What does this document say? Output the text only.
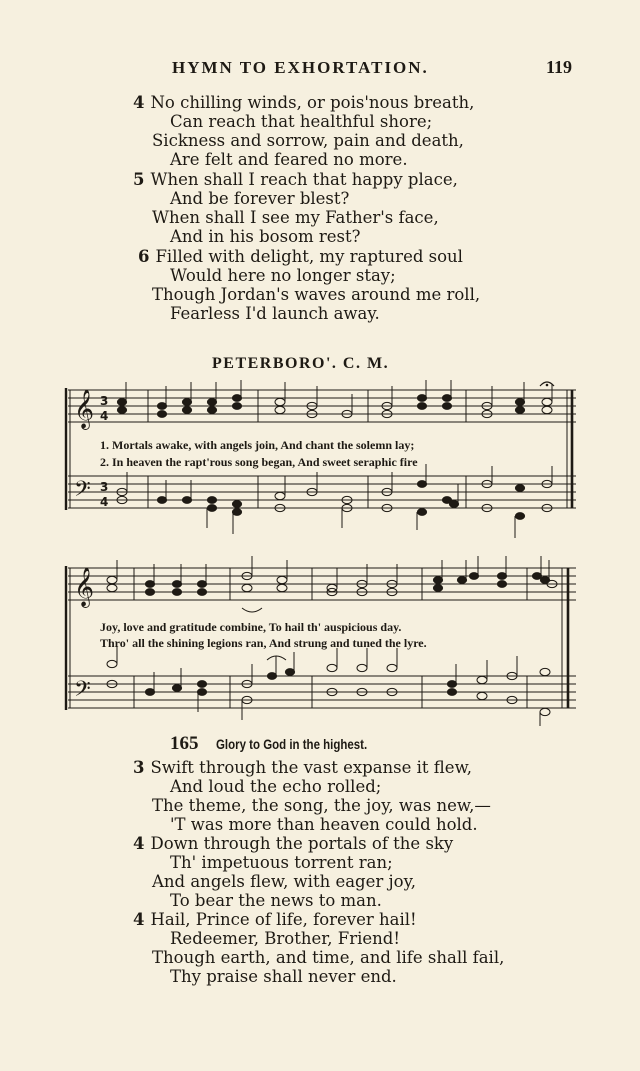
HYMN TO EXHORTATION.	119
4 No chilling winds, or pois'nous breath,
Can reach that healthful shore;
Sickness and sorrow, pain and death,
Are felt and feared no more.
5 When shall I reach that happy place,
And be forever blest?
When shall I see my Father's face,
And in his bosom rest?
6 Filled with delight, my raptured soul
Would here no longer stay;
Though Jordan's waves around me roll,
Fearless I'd launch away.
PETERBORO'. C. M.
𝄞
𝄢
3
4
3
4
1. Mortals awake, with angels join, And chant the solemn lay;
2. In heaven the rapt'rous song began, And sweet seraphic fire
𝄞
𝄢
Joy, love and gratitude combine, To hail th' auspicious day.
Thro' all the shining legions ran, And strung and tuned the lyre.
165 Glory to God in the highest.
3 Swift through the vast expanse it flew,
And loud the echo rolled;
The theme, the song, the joy, was new,—
'T was more than heaven could hold.
4 Down through the portals of the sky
Th' impetuous torrent ran;
And angels flew, with eager joy,
To bear the news to man.
4 Hail, Prince of life, forever hail!
Redeemer, Brother, Friend!
Though earth, and time, and life shall fail,
Thy praise shall never end.
